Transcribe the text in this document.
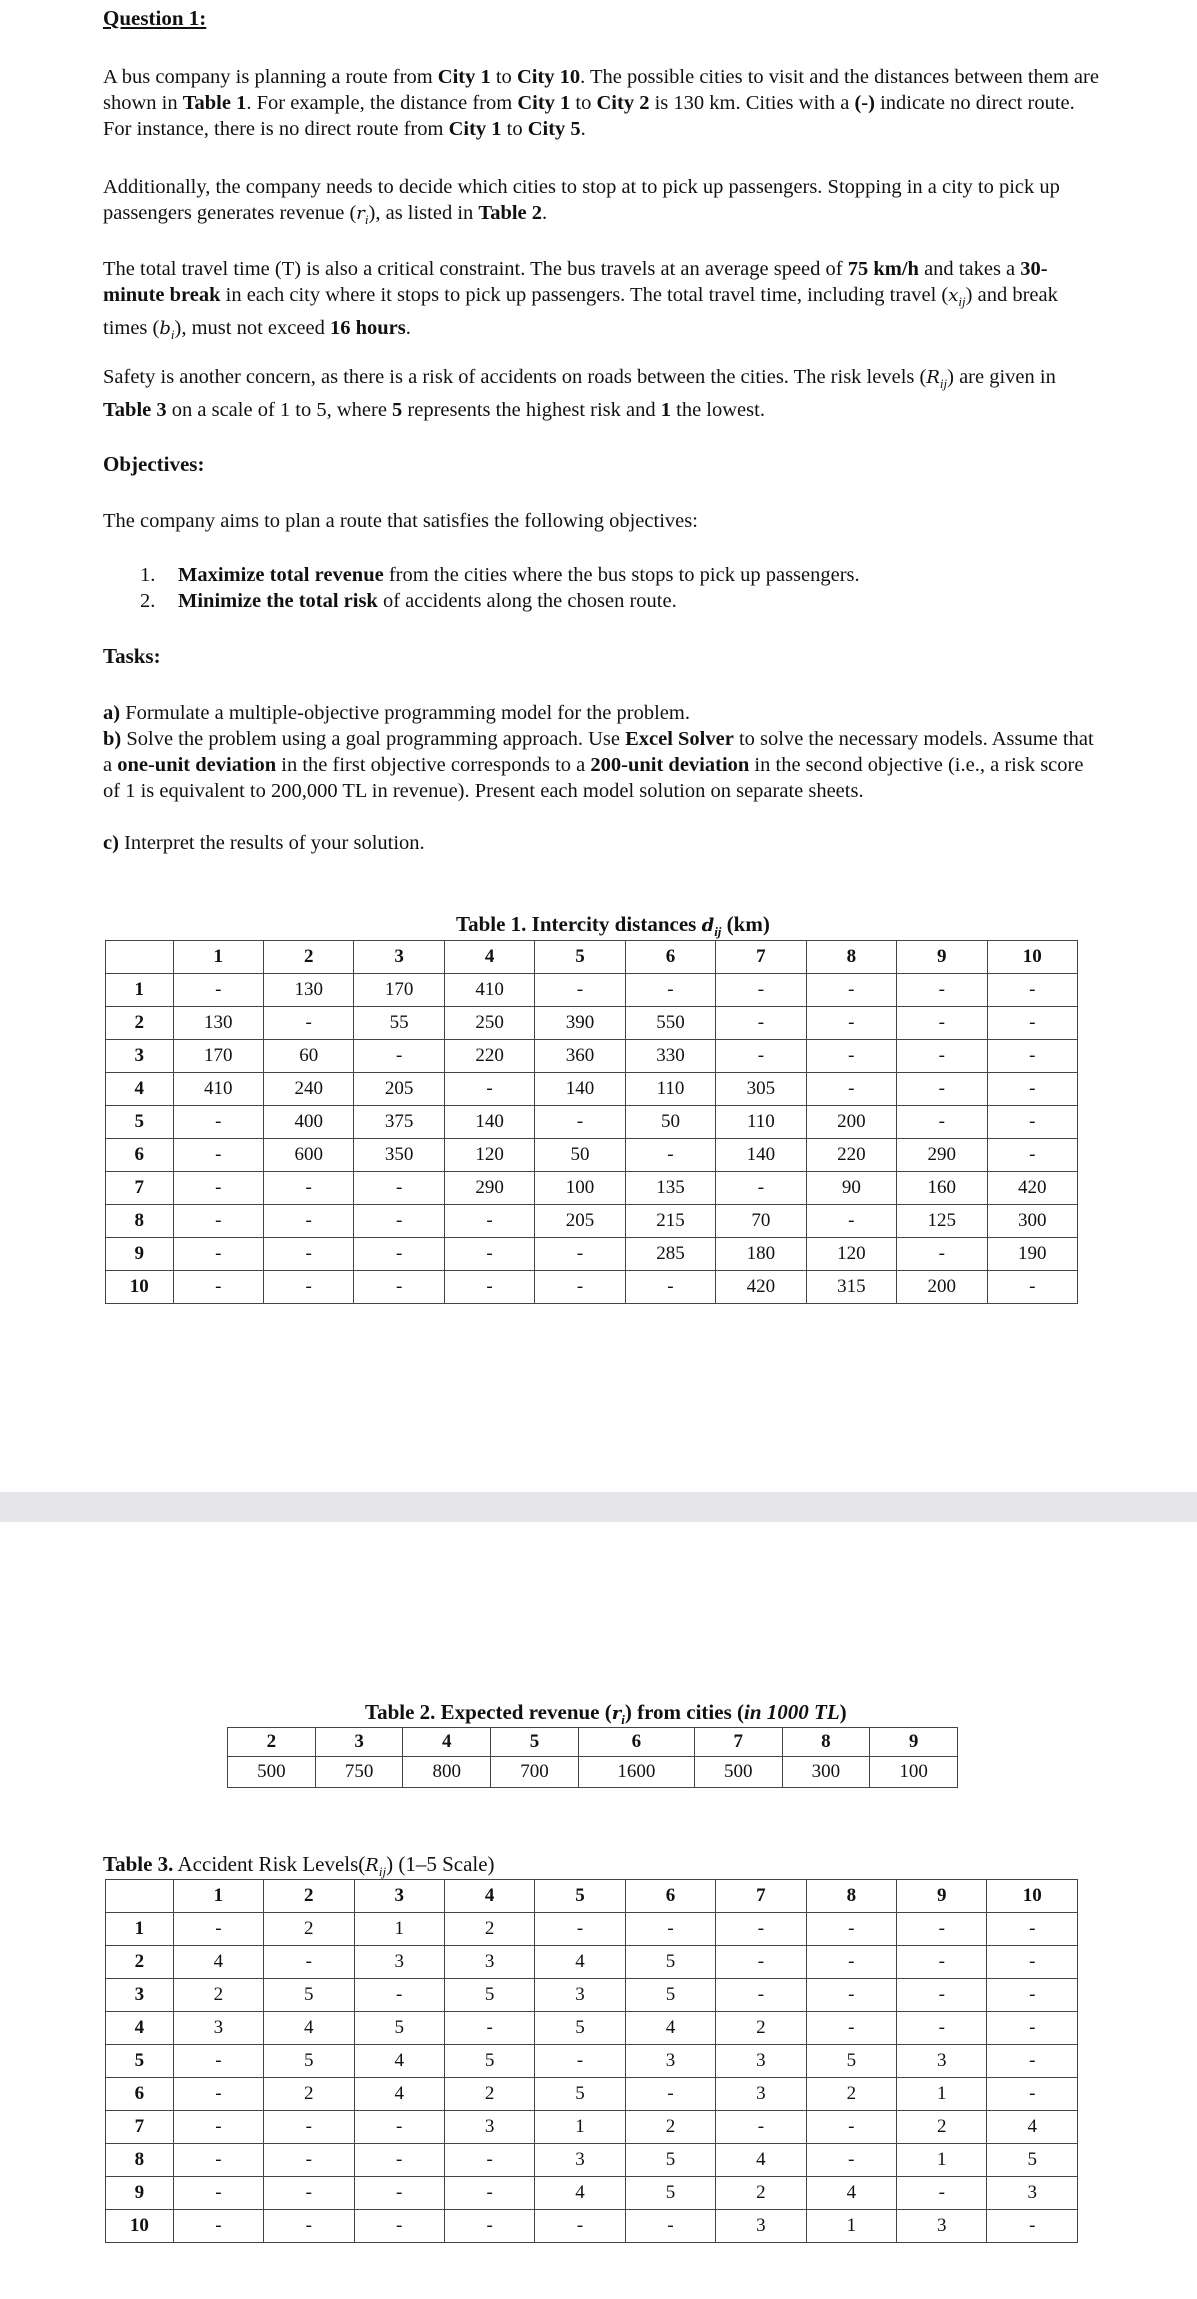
Question 1:
A bus company is planning a route from City 1 to City 10. The possible cities to visit and the distances between them are shown in Table 1. For example, the distance from City 1 to City 2 is 130 km. Cities with a (-) indicate no direct route. For instance, there is no direct route from City 1 to City 5.
Additionally, the company needs to decide which cities to stop at to pick up passengers. Stopping in a city to pick up passengers generates revenue $(r_i)$, as listed in Table 2.
The total travel time (T) is also a critical constraint. The bus travels at an average speed of 75 km/h and takes a 30-minute break in each city where it stops to pick up passengers. The total travel time, including travel $(x_{ij})$ and break times $(b_i)$, must not exceed 16 hours.
Safety is another concern, as there is a risk of accidents on roads between the cities. The risk levels $(R_{ij})$ are given in Table 3 on a scale of 1 to 5, where 5 represents the highest risk and 1 the lowest.
Objectives:
The company aims to plan a route that satisfies the following objectives:
1. Maximize total revenue from the cities where the bus stops to pick up passengers.
2. Minimize the total risk of accidents along the chosen route.
Tasks:
a) Formulate a multiple-objective programming model for the problem.
b) Solve the problem using a goal programming approach. Use Excel Solver to solve the necessary models. Assume that a one-unit deviation in the first objective corresponds to a 200-unit deviation in the second objective (i.e., a risk score of 1 is equivalent to 200,000 TL in revenue). Present each model solution on separate sheets.
c) Interpret the results of your solution.
Table 1. Intercity distances $d_{ij}$ (km)
	1	2	3	4	5	6	7	8	9	10
1	-	130	170	410	-	-	-	-	-	-
2	130	-	55	250	390	550	-	-	-	-
3	170	60	-	220	360	330	-	-	-	-
4	410	240	205	-	140	110	305	-	-	-
5	-	400	375	140	-	50	110	200	-	-
6	-	600	350	120	50	-	140	220	290	-
7	-	-	-	290	100	135	-	90	160	420
8	-	-	-	-	205	215	70	-	125	300
9	-	-	-	-	-	285	180	120	-	190
10	-	-	-	-	-	-	420	315	200	-
Table 2. Expected revenue $(r_i)$ from cities (in 1000 TL)
2	3	4	5	6	7	8	9
500	750	800	700	1600	500	300	100
Table 3. Accident Risk $Levels(R_{ij})$ (1–5 Scale)
	1	2	3	4	5	6	7	8	9	10
1	-	2	1	2	-	-	-	-	-	-
2	4	-	3	3	4	5	-	-	-	-
3	2	5	-	5	3	5	-	-	-	-
4	3	4	5	-	5	4	2	-	-	-
5	-	5	4	5	-	3	3	5	3	-
6	-	2	4	2	5	-	3	2	1	-
7	-	-	-	3	1	2	-	-	2	4
8	-	-	-	-	3	5	4	-	1	5
9	-	-	-	-	4	5	2	4	-	3
10	-	-	-	-	-	-	3	1	3	-
